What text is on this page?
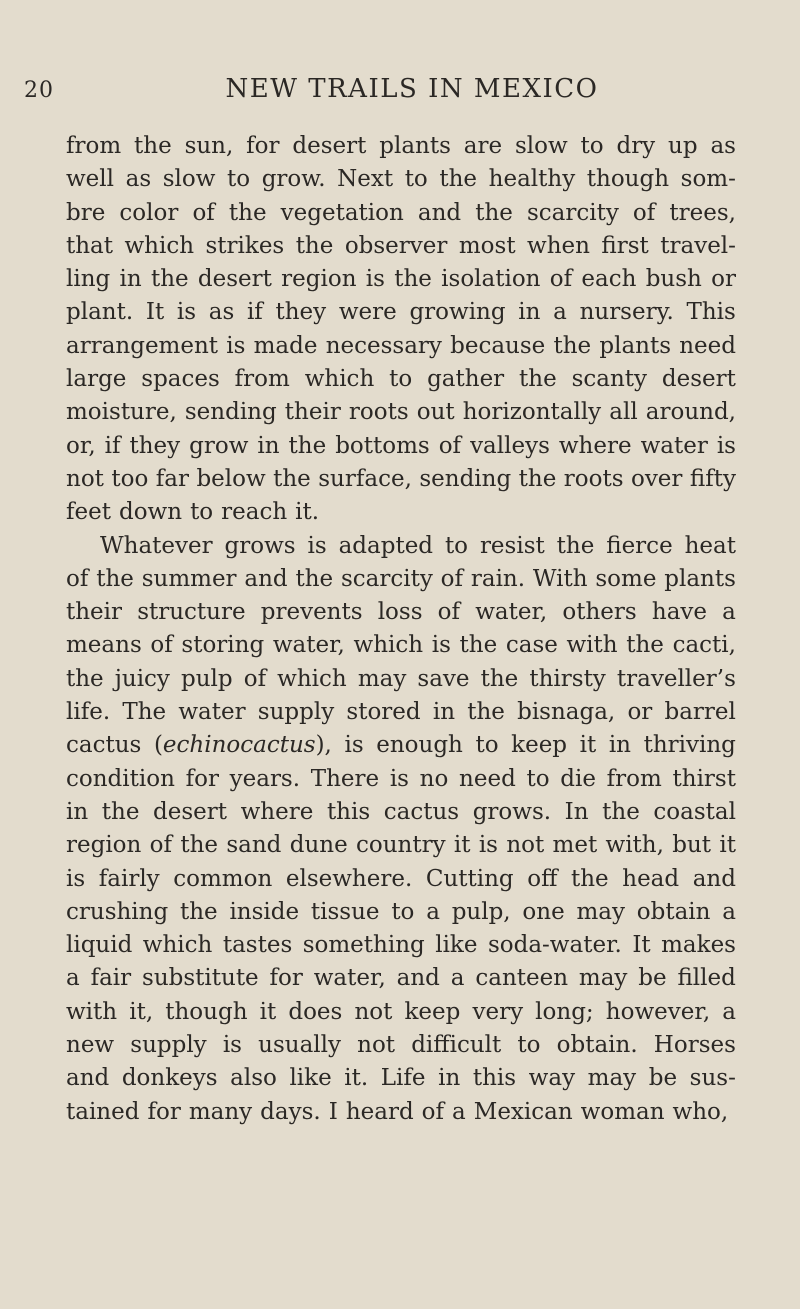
20	NEW TRAILS IN MEXICO
from the sun, for desert plants are slow to dry up as
well as slow to grow. Next to the healthy though som-
bre color of the vegetation and the scarcity of trees,
that which strikes the observer most when first travel-
ling in the desert region is the isolation of each bush or
plant. It is as if they were growing in a nursery. This
arrangement is made necessary because the plants need
large spaces from which to gather the scanty desert
moisture, sending their roots out horizontally all around,
or, if they grow in the bottoms of valleys where water is
not too far below the surface, sending the roots over fifty
feet down to reach it.
Whatever grows is adapted to resist the fierce heat
of the summer and the scarcity of rain. With some plants
their structure prevents loss of water, others have a
means of storing water, which is the case with the cacti,
the juicy pulp of which may save the thirsty traveller’s
life. The water supply stored in the bisnaga, or barrel
cactus (echinocactus), is enough to keep it in thriving
condition for years. There is no need to die from thirst
in the desert where this cactus grows. In the coastal
region of the sand dune country it is not met with, but it
is fairly common elsewhere. Cutting off the head and
crushing the inside tissue to a pulp, one may obtain a
liquid which tastes something like soda-water. It makes
a fair substitute for water, and a canteen may be filled
with it, though it does not keep very long; however, a
new supply is usually not difficult to obtain. Horses
and donkeys also like it. Life in this way may be sus-
tained for many days. I heard of a Mexican woman who,
